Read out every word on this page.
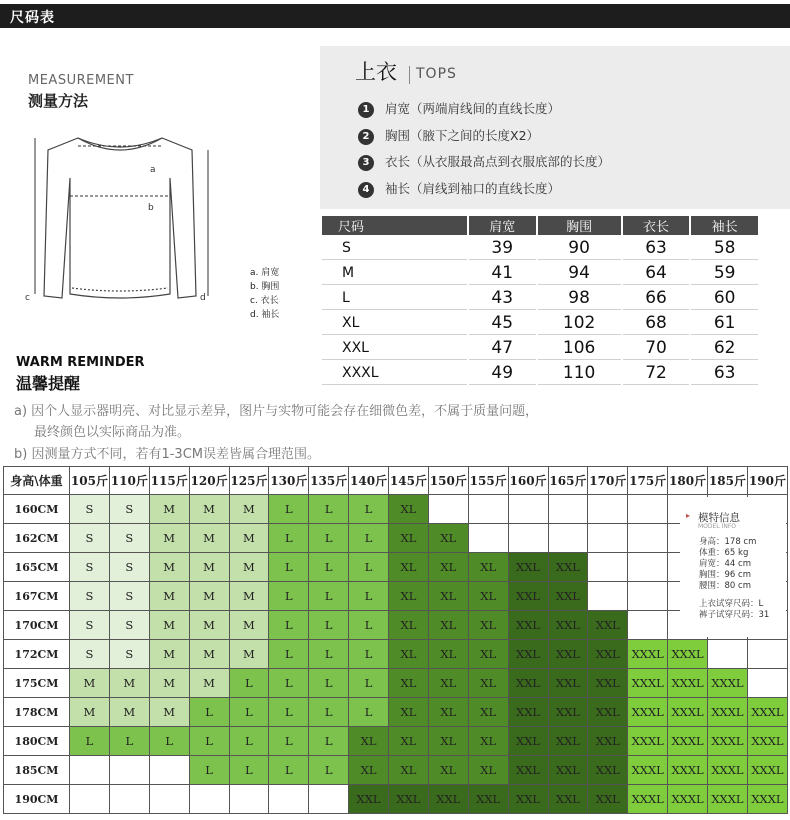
尺码表
MEASUREMENT
测量方法
a
b
c	d
a. 肩宽
b. 胸围
c. 衣长
d. 袖长
上衣 TOPS
1 肩宽（两端肩线间的直线长度）
2 胸围（腋下之间的长度X2）
3 衣长（从衣服最高点到衣服底部的长度）
4 袖长（肩线到袖口的直线长度）
尺码	肩宽	胸围	衣长	袖长
S	39	90	63	58
M	41	94	64	59
L	43	98	66	60
XL	45	102	68	61
XXL	47	106	70	62
XXXL	49	110	72	63
WARM REMINDER
温馨提醒
a) 因个人显示器明亮、对比显示差异，图片与实物可能会存在细微色差，不属于质量问题，
最终颜色以实际商品为准。
b) 因测量方式不同，若有1-3CM误差皆属合理范围。
身高\体重	105斤	110斤	115斤	120斤	125斤	130斤	135斤	140斤	145斤	150斤	155斤	160斤	165斤	170斤	175斤	180斤	185斤	190斤
160CM	S	S	M	M	M	L	L	L	XL									
162CM	S	S	M	M	M	L	L	L	XL	XL								
165CM	S	S	M	M	M	L	L	L	XL	XL	XL	XXL	XXL					
167CM	S	S	M	M	M	L	L	L	XL	XL	XL	XXL	XXL					
170CM	S	S	M	M	M	L	L	L	XL	XL	XL	XXL	XXL	XXL				
172CM	S	S	M	M	M	L	L	L	XL	XL	XL	XXL	XXL	XXL	XXXL	XXXL		
175CM	M	M	M	M	L	L	L	L	XL	XL	XL	XXL	XXL	XXL	XXXL	XXXL	XXXL	
178CM	M	M	M	L	L	L	L	L	XL	XL	XL	XXL	XXL	XXL	XXXL	XXXL	XXXL	XXXL
180CM	L	L	L	L	L	L	L	XL	XL	XL	XL	XXL	XXL	XXL	XXXL	XXXL	XXXL	XXXL
185CM				L	L	L	L	XL	XL	XL	XL	XXL	XXL	XXL	XXXL	XXXL	XXXL	XXXL
190CM								XXL	XXL	XXL	XXL	XXL	XXL	XXL	XXXL	XXXL	XXXL	XXXL
▸ 模特信息
MODEL INFO
身高：178 cm
体重：65 kg
肩宽：44 cm
胸围：96 cm
腰围：80 cm
上衣试穿尺码：L
裤子试穿尺码：31
